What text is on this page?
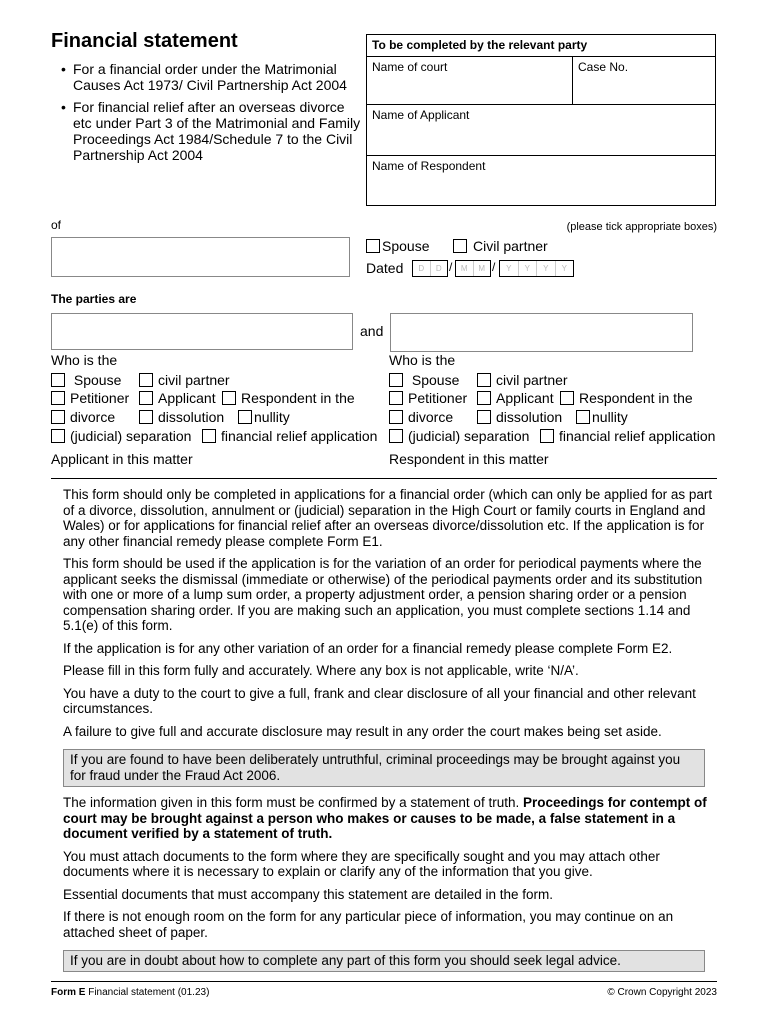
Financial statement
• For a financial order under the Matrimonial Causes Act 1973/ Civil Partnership Act 2004
• For financial relief after an overseas divorce etc under Part 3 of the Matrimonial and Family Proceedings Act 1984/Schedule 7 to the Civil Partnership Act 2004
To be completed by the relevant party
Name of court	Case No.
Name of Applicant
Name of Respondent
of	(please tick appropriate boxes)
Spouse	Civil partner
Dated	D	D /	M	M /	Y	Y	Y	Y
The parties are
and
Who is the
Spouse	civil partner
Petitioner	Applicant	Respondent in the
divorce	dissolution	nullity
(judicial) separation	financial relief application
Applicant in this matter
Who is the
Spouse	civil partner
Petitioner	Applicant	Respondent in the
divorce	dissolution	nullity
(judicial) separation	financial relief application
Respondent in this matter

This form should only be completed in applications for a financial order (which can only be applied for as part of a divorce, dissolution, annulment or (judicial) separation in the High Court or family courts in England and Wales) or for applications for financial relief after an overseas divorce/dissolution etc. If the application is for any other financial remedy please complete Form E1.

This form should be used if the application is for the variation of an order for periodical payments where the applicant seeks the dismissal (immediate or otherwise) of the periodical payments order and its substitution with one or more of a lump sum order, a property adjustment order, a pension sharing order or a pension compensation sharing order. If you are making such an application, you must complete sections 1.14 and 5.1(e) of this form.

If the application is for any other variation of an order for a financial remedy please complete Form E2.

Please fill in this form fully and accurately. Where any box is not applicable, write ‘N/A’.

You have a duty to the court to give a full, frank and clear disclosure of all your financial and other relevant circumstances.

A failure to give full and accurate disclosure may result in any order the court makes being set aside.

If you are found to have been deliberately untruthful, criminal proceedings may be brought against you for fraud under the Fraud Act 2006.

The information given in this form must be confirmed by a statement of truth. Proceedings for contempt of court may be brought against a person who makes or causes to be made, a false statement in a document verified by a statement of truth.

You must attach documents to the form where they are specifically sought and you may attach other documents where it is necessary to explain or clarify any of the information that you give.

Essential documents that must accompany this statement are detailed in the form.

If there is not enough room on the form for any particular piece of information, you may continue on an attached sheet of paper.

If you are in doubt about how to complete any part of this form you should seek legal advice.
Form E Financial statement (01.23)	© Crown Copyright 2023
